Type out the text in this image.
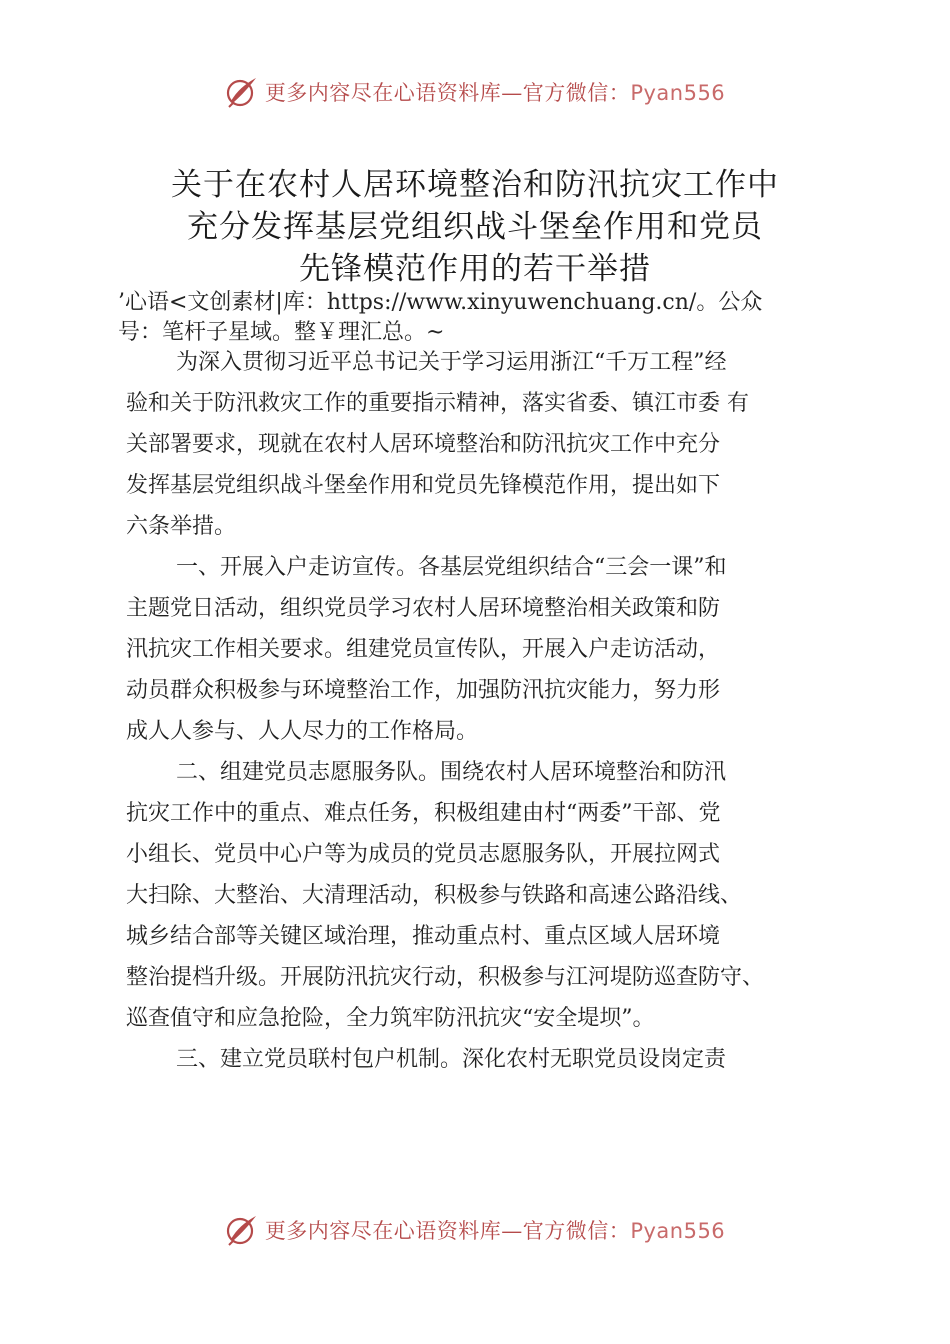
更多内容尽在心语资料库—官方微信：Pyan556
关于在农村人居环境整治和防汛抗灾工作中
充分发挥基层党组织战斗堡垒作用和党员
先锋模范作用的若干举措
’心语<文创素材|库：https://www.xinyuwenchuang.cn/。公众
号：笔杆子星域。整￥理汇总。~
为深入贯彻习近平总书记关于学习运用浙江“千万工程”经
验和关于防汛救灾工作的重要指示精神，落实省委、镇江市委 有
关部署要求，现就在农村人居环境整治和防汛抗灾工作中充分
发挥基层党组织战斗堡垒作用和党员先锋模范作用，提出如下
六条举措。
一、开展入户走访宣传。各基层党组织结合“三会一课”和
主题党日活动，组织党员学习农村人居环境整治相关政策和防
汛抗灾工作相关要求。组建党员宣传队，开展入户走访活动，
动员群众积极参与环境整治工作，加强防汛抗灾能力，努力形
成人人参与、人人尽力的工作格局。
二、组建党员志愿服务队。围绕农村人居环境整治和防汛
抗灾工作中的重点、难点任务，积极组建由村“两委”干部、党
小组长、党员中心户等为成员的党员志愿服务队，开展拉网式
大扫除、大整治、大清理活动，积极参与铁路和高速公路沿线、
城乡结合部等关键区域治理，推动重点村、重点区域人居环境
整治提档升级。开展防汛抗灾行动，积极参与江河堤防巡查防守、
巡查值守和应急抢险，全力筑牢防汛抗灾“安全堤坝”。
三、建立党员联村包户机制。深化农村无职党员设岗定责
更多内容尽在心语资料库—官方微信：Pyan556
